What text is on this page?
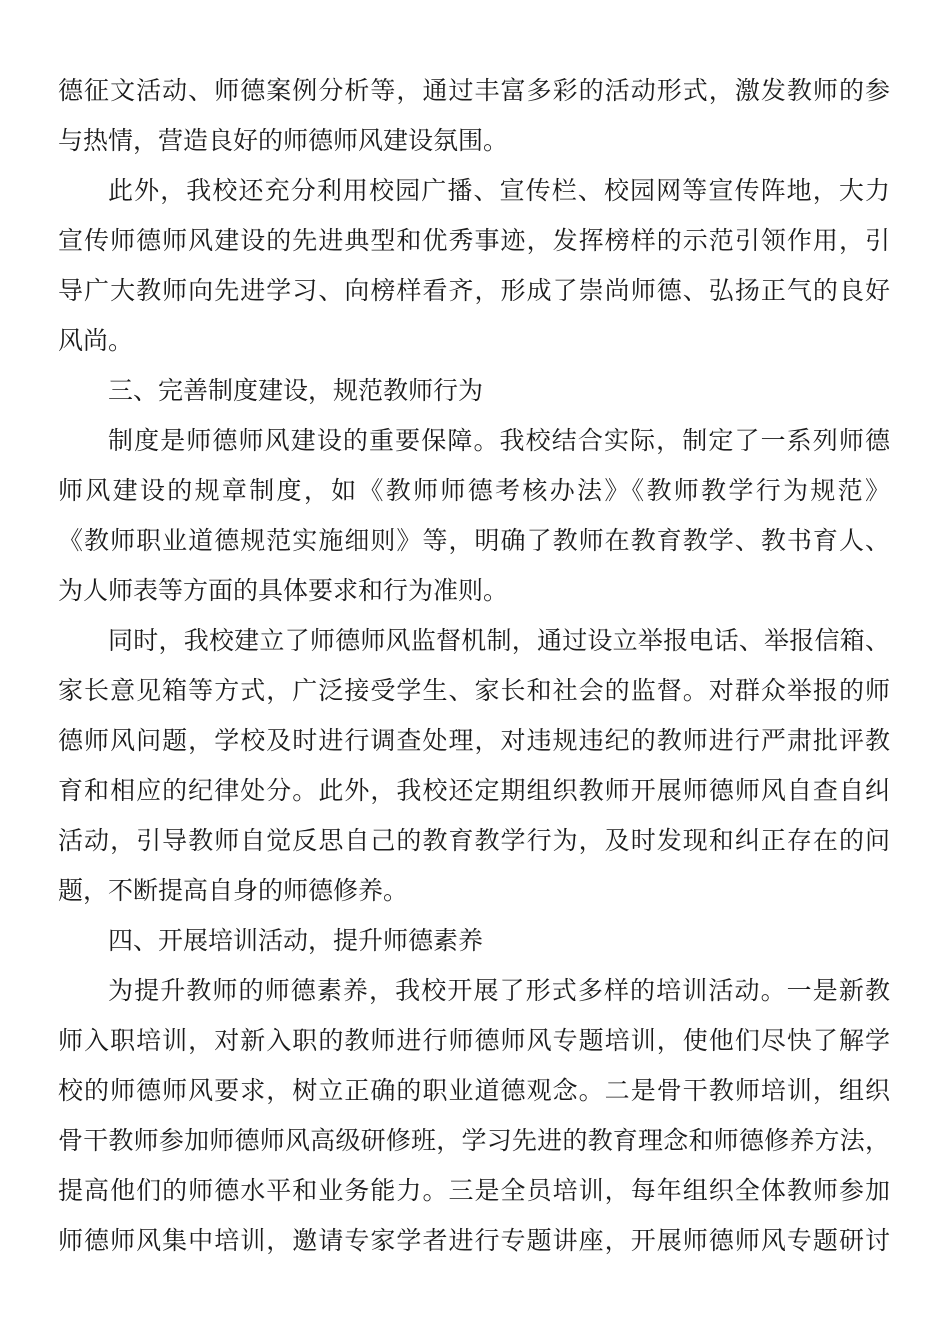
德征文活动、师德案例分析等，通过丰富多彩的活动形式，激发教师的参
与热情，营造良好的师德师风建设氛围。
此外，我校还充分利用校园广播、宣传栏、校园网等宣传阵地，大力
宣传师德师风建设的先进典型和优秀事迹，发挥榜样的示范引领作用，引
导广大教师向先进学习、向榜样看齐，形成了崇尚师德、弘扬正气的良好
风尚。
三、完善制度建设，规范教师行为
制度是师德师风建设的重要保障。我校结合实际，制定了一系列师德
师风建设的规章制度，如《教师师德考核办法》《教师教学行为规范》
《教师职业道德规范实施细则》等，明确了教师在教育教学、教书育人、
为人师表等方面的具体要求和行为准则。
同时，我校建立了师德师风监督机制，通过设立举报电话、举报信箱、
家长意见箱等方式，广泛接受学生、家长和社会的监督。对群众举报的师
德师风问题，学校及时进行调查处理，对违规违纪的教师进行严肃批评教
育和相应的纪律处分。此外，我校还定期组织教师开展师德师风自查自纠
活动，引导教师自觉反思自己的教育教学行为，及时发现和纠正存在的问
题，不断提高自身的师德修养。
四、开展培训活动，提升师德素养
为提升教师的师德素养，我校开展了形式多样的培训活动。一是新教
师入职培训，对新入职的教师进行师德师风专题培训，使他们尽快了解学
校的师德师风要求，树立正确的职业道德观念。二是骨干教师培训，组织
骨干教师参加师德师风高级研修班，学习先进的教育理念和师德修养方法，
提高他们的师德水平和业务能力。三是全员培训，每年组织全体教师参加
师德师风集中培训，邀请专家学者进行专题讲座，开展师德师风专题研讨
